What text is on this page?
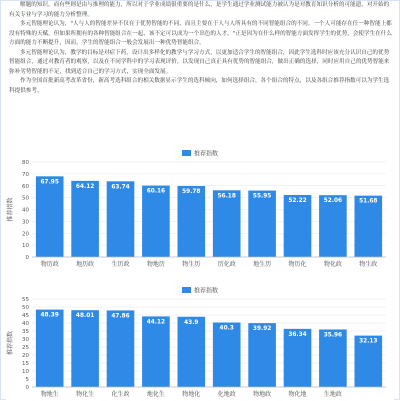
解题的知识，而有些则是由与推理的能力，所以对于学业成绩很重要的是什么，是学生通过学业测试能力被认为是对教育知识分析的可能遗，对开始的有关专业与学习的能力分析整理。

多元智能理论认为，"人与人的智能差异不仅在于优势智能的不同，而且主要在于人与人所具有的不同智能组合的不同。一个人可能存在任一种智能上都没有特殊的天赋，但如果所拥有的各种智能组合在一起，该不定可以成为一个出色的人才。"正是因为在什么样的智能方面发挥学生的优势，会使学生在什么方面的能力不断提升，因而，学生的智能组合一般会发展出一种优势智能组合。

多元智能理论认为，教学的目标是对症下药，设计出多样化的教学与学习方式，以更加适合学生的智能组合，因此学生选科时应该充分认识自己的优势智能组合，通过对教育者的观察，以及在不同学科中的学习表现评价，以发现自己真正具有优势的智能组合，做出正确的选择，同时应用自己的优势智能来弥补劣势智能的不足，找到适合自己的学习方式，实现全面发展。

作为全国首批新高考改革省份，新高考选科组合的相关数据显示学生的选科倾向，如何选择组合，各个组合的特点，以及各组合推荐指数可以为学生选科提供参考。

推荐指数
0
10
20
30
40
50
60
70
80
推荐指数
67.95
物历政
64.12
地历政
63.74
生历政
60.16
物地历
59.78
物生历
56.18
历化政
55.95
地生历
52.22
物历化
52.06
物化政
51.68
物生政
推荐指数
0
5
10
15
20
25
30
35
40
45
50
55
推荐指数
48.39
物地生
48.01
物化生
47.86
化生政
44.12
地化生
43.9
物地化
40.3
化地政
39.92
物地政
36.34
物化地
35.96
生地政
32.13
